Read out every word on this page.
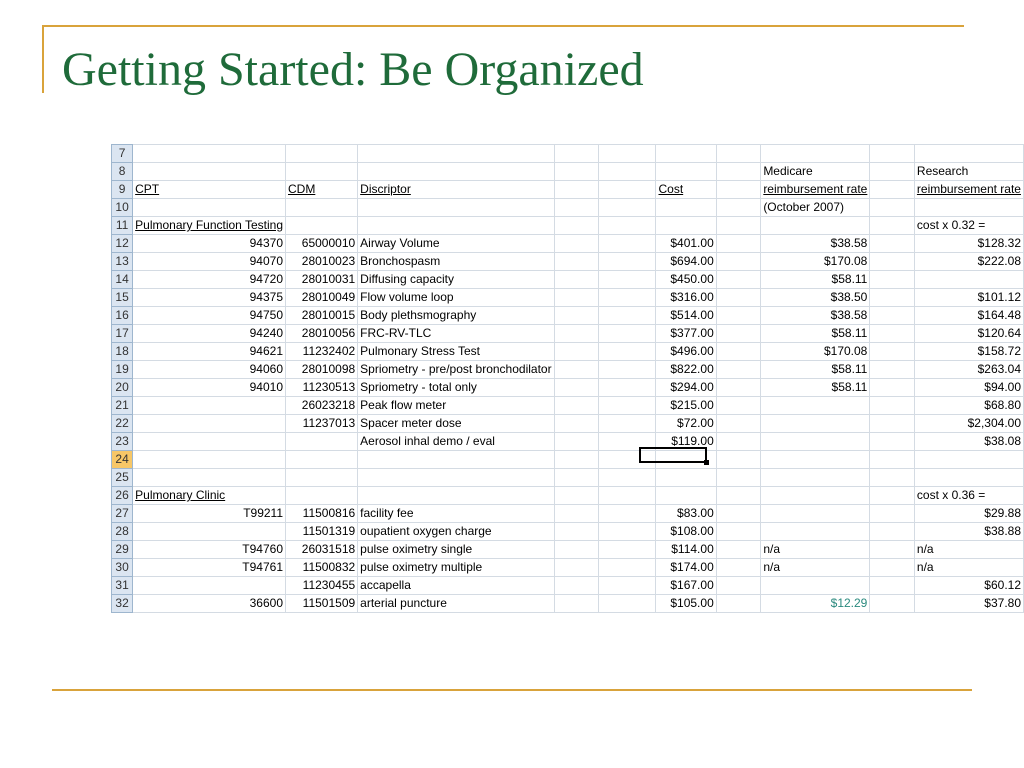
Getting Started: Be Organized
7										
8								Medicare		Research
9	CPT	CDM	Discriptor			Cost		reimbursement rate		reimbursement rate
10								(October 2007)		
11	Pulmonary Function Testing									cost x 0.32 =
12	94370	65000010	Airway Volume			$401.00		$38.58		$128.32
13	94070	28010023	Bronchospasm			$694.00		$170.08		$222.08
14	94720	28010031	Diffusing capacity			$450.00		$58.11		
15	94375	28010049	Flow volume loop			$316.00		$38.50		$101.12
16	94750	28010015	Body plethsmography			$514.00		$38.58		$164.48
17	94240	28010056	FRC-RV-TLC			$377.00		$58.11		$120.64
18	94621	11232402	Pulmonary Stress Test			$496.00		$170.08		$158.72
19	94060	28010098	Spriometry - pre/post bronchodilator			$822.00		$58.11		$263.04
20	94010	11230513	Spriometry - total only			$294.00		$58.11		$94.00
21		26023218	Peak flow meter			$215.00				$68.80
22		11237013	Spacer meter dose			$72.00				$2,304.00
23			Aerosol inhal demo / eval			$119.00				$38.08
24										
25										
26	Pulmonary Clinic									cost x 0.36 =
27	T99211	11500816	facility fee			$83.00				$29.88
28		11501319	oupatient oxygen charge			$108.00				$38.88
29	T94760	26031518	pulse oximetry single			$114.00		n/a		n/a
30	T94761	11500832	pulse oximetry multiple			$174.00		n/a		n/a
31		11230455	accapella			$167.00				$60.12
32	36600	11501509	arterial puncture			$105.00		$12.29		$37.80
